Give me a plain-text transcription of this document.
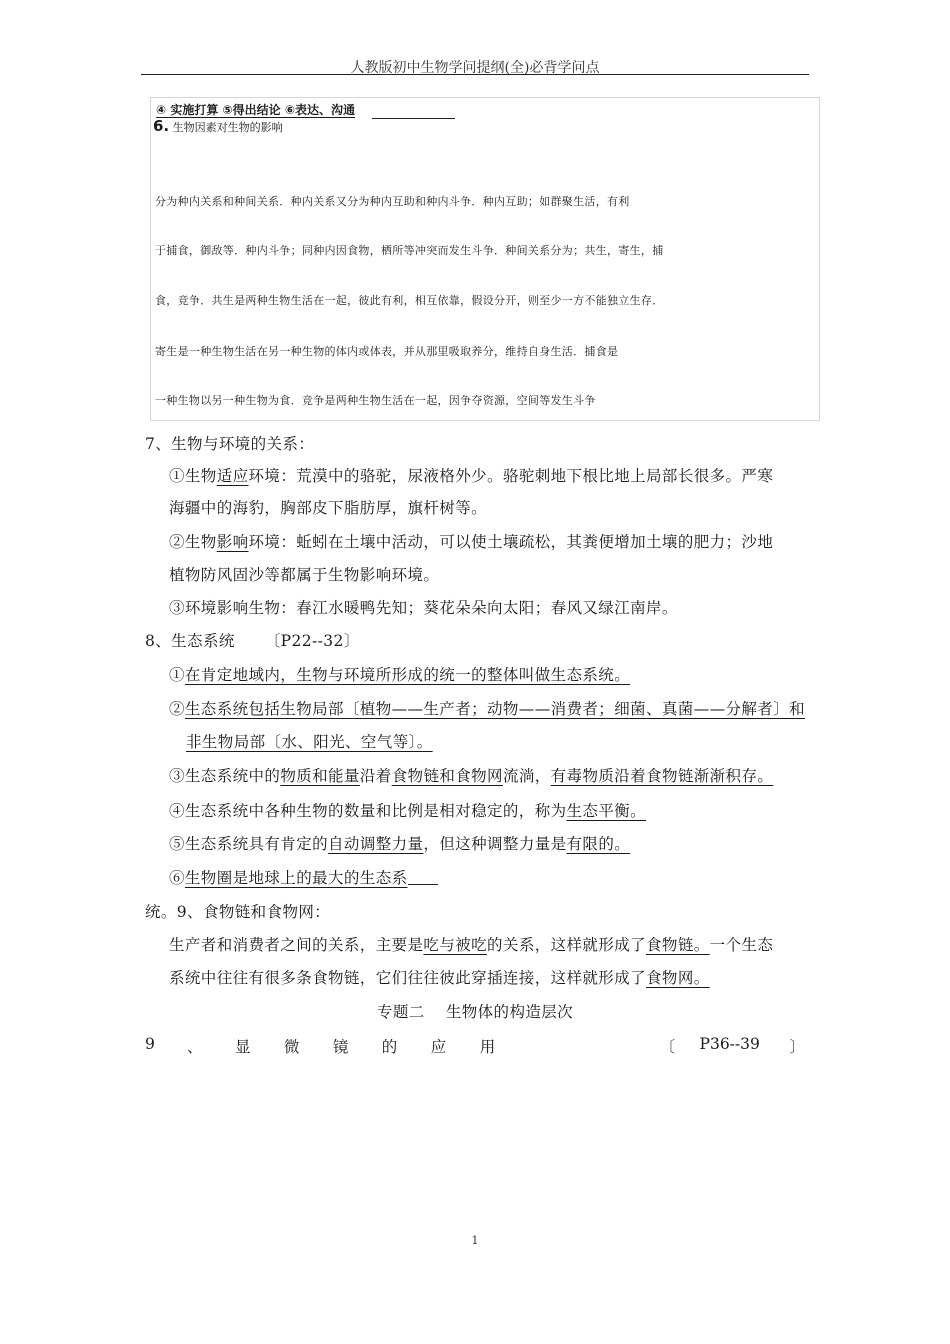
人教版初中生物学问提纲(全)必背学问点
④ 实施打算 ⑤得出结论 ⑥表达、沟通
6. 生物因素对生物的影响
分为种内关系和种间关系．种内关系又分为种内互助和种内斗争．种内互助；如群聚生活，有利
于捕食，御敌等．种内斗争；同种内因食物，栖所等冲突而发生斗争．种间关系分为；共生，寄生，捕
食，竞争．共生是两种生物生活在一起，彼此有利，相互依靠，假设分开，则至少一方不能独立生存．
寄生是一种生物生活在另一种生物的体内或体表，并从那里吸取养分，维持自身生活．捕食是
一种生物以另一种生物为食．竞争是两种生物生活在一起，因争夺资源，空间等发生斗争
7、生物与环境的关系：
①生物适应环境：荒漠中的骆驼，尿液格外少。骆驼刺地下根比地上局部长很多。严寒
海疆中的海豹，胸部皮下脂肪厚，旗杆树等。
②生物影响环境：蚯蚓在土壤中活动，可以使土壤疏松，其粪便增加土壤的肥力；沙地
植物防风固沙等都属于生物影响环境。
③环境影响生物：春江水暖鸭先知；葵花朵朵向太阳；春风又绿江南岸。
8、生态系统 〔P22--32〕
①在肯定地域内，生物与环境所形成的统一的整体叫做生态系统。
②生态系统包括生物局部〔植物——生产者；动物——消费者；细菌、真菌——分解者〕和
非生物局部〔水、阳光、空气等〕。
③生态系统中的物质和能量沿着食物链和食物网流淌，有毒物质沿着食物链渐渐积存。
④生态系统中各种生物的数量和比例是相对稳定的，称为生态平衡。
⑤生态系统具有肯定的自动调整力量，但这种调整力量是有限的。
⑥生物圈是地球上的最大的生态系
统。9、食物链和食物网：
生产者和消费者之间的关系，主要是吃与被吃的关系，这样就形成了食物链。一个生态
系统中往往有很多条食物链，它们往往彼此穿插连接，这样就形成了食物网。
专题二　 生物体的构造层次
9	、	显	微	镜	的	应	用	〔	P36--39	〕
1
